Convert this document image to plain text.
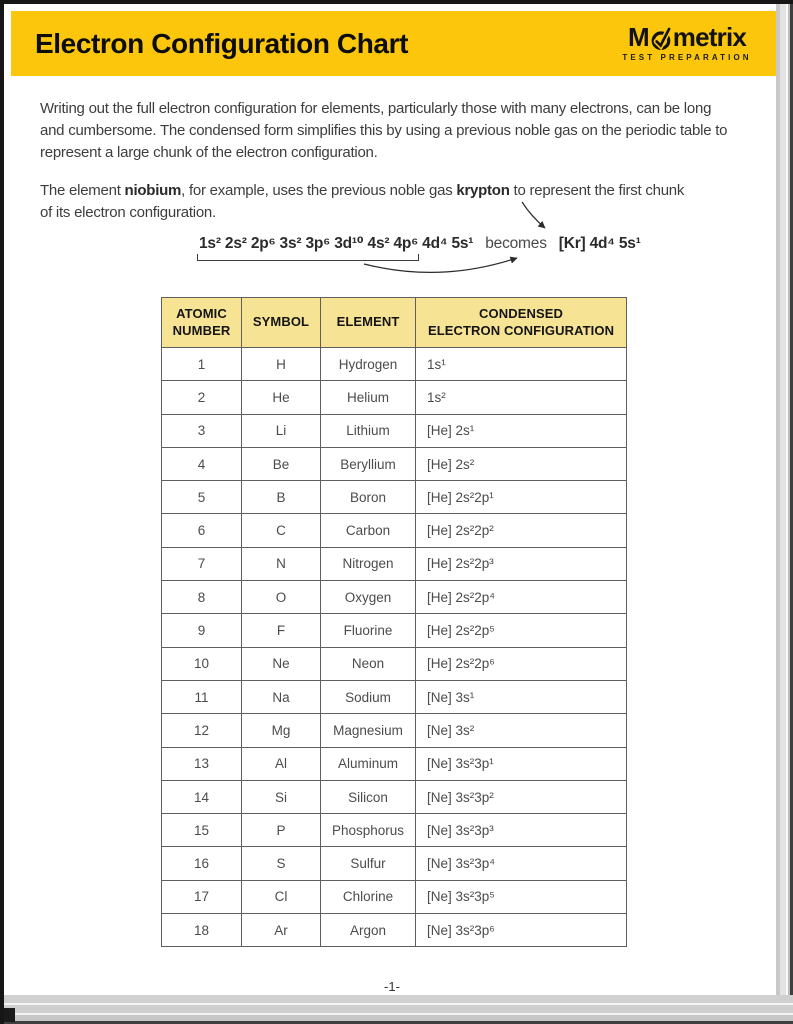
Electron Configuration Chart	M metrix
TEST PREPARATION

Writing out the full electron configuration for elements, particularly those with many electrons, can be long
and cumbersome. The condensed form simplifies this by using a previous noble gas on the periodic table to
represent a large chunk of the electron configuration.

The element niobium, for example, uses the previous noble gas krypton to represent the first chunk
of its electron configuration.

1s² 2s² 2p⁶ 3s² 3p⁶ 3d¹⁰ 4s² 4p⁶
4d⁴ 5s¹ becomes [Kr] 4d⁴ 5s¹
ATOMIC
NUMBER	SYMBOL	ELEMENT	CONDENSED
ELECTRON CONFIGURATION

1	H	Hydrogen	1s¹
2	He	Helium	1s²
3	Li	Lithium	[He] 2s¹
4	Be	Beryllium	[He] 2s²
5	B	Boron	[He] 2s²2p¹
6	C	Carbon	[He] 2s²2p²
7	N	Nitrogen	[He] 2s²2p³
8	O	Oxygen	[He] 2s²2p⁴
9	F	Fluorine	[He] 2s²2p⁵
10	Ne	Neon	[He] 2s²2p⁶
11	Na	Sodium	[Ne] 3s¹
12	Mg	Magnesium	[Ne] 3s²
13	Al	Aluminum	[Ne] 3s²3p¹
14	Si	Silicon	[Ne] 3s²3p²
15	P	Phosphorus	[Ne] 3s²3p³
16	S	Sulfur	[Ne] 3s²3p⁴
17	Cl	Chlorine	[Ne] 3s²3p⁵
18	Ar	Argon	[Ne] 3s²3p⁶
-1-
